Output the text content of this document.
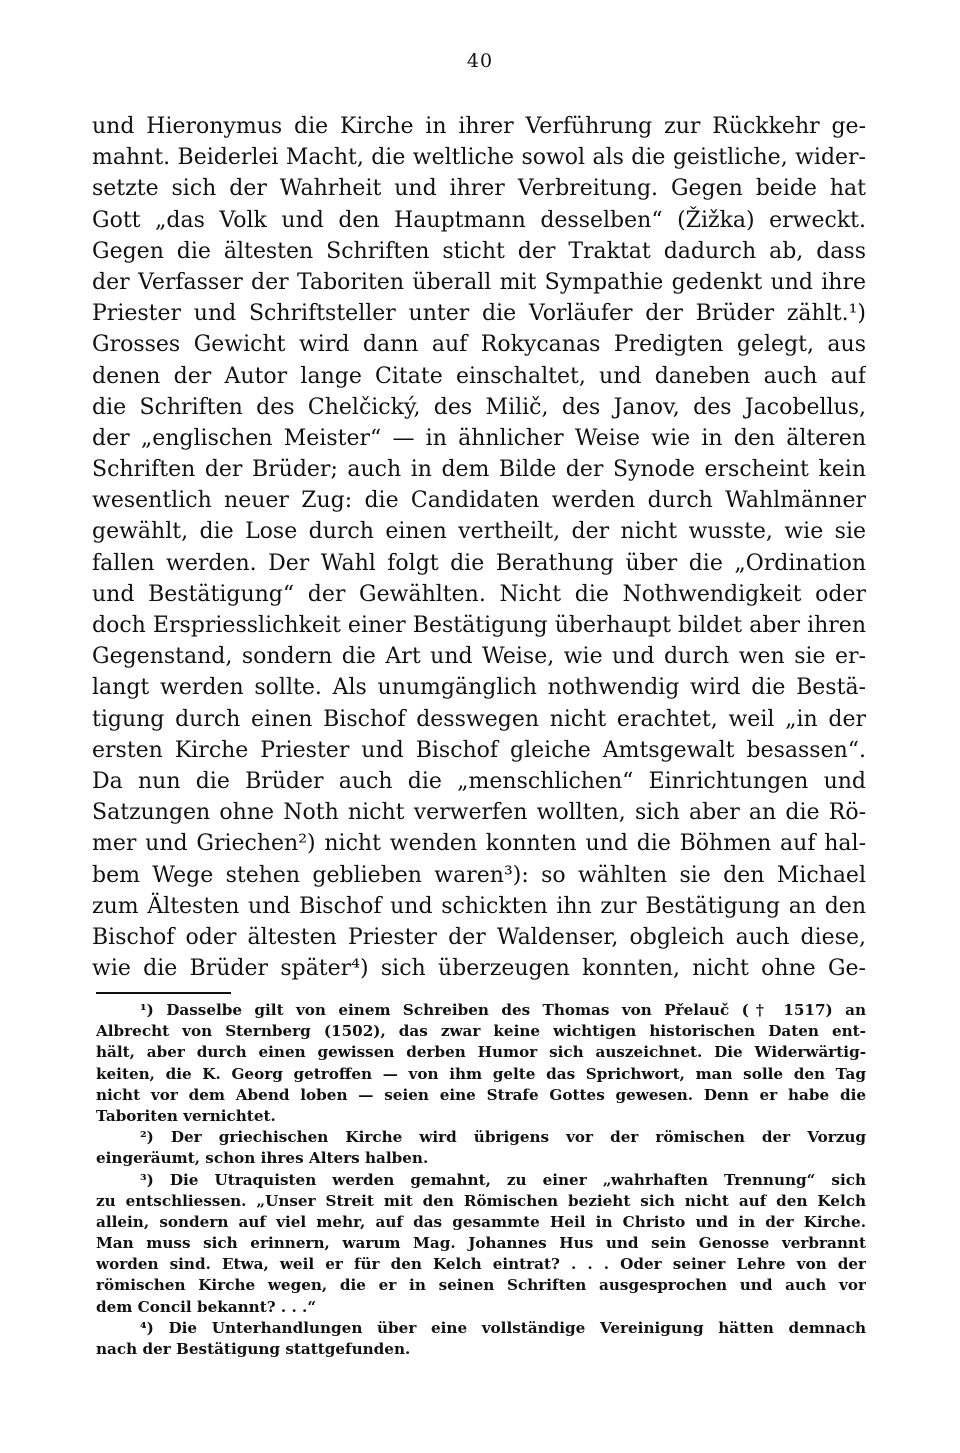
40
und Hieronymus die Kirche in ihrer Verführung zur Rückkehr ge-
mahnt. Beiderlei Macht, die weltliche sowol als die geistliche, wider-
setzte sich der Wahrheit und ihrer Verbreitung. Gegen beide hat
Gott „das Volk und den Hauptmann desselben“ (Žižka) erweckt.
Gegen die ältesten Schriften sticht der Traktat dadurch ab, dass
der Verfasser der Taboriten überall mit Sympathie gedenkt und ihre
Priester und Schriftsteller unter die Vorläufer der Brüder zählt.¹)
Grosses Gewicht wird dann auf Rokycanas Predigten gelegt, aus
denen der Autor lange Citate einschaltet, und daneben auch auf
die Schriften des Chelčický, des Milič, des Janov, des Jacobellus,
der „englischen Meister“ — in ähnlicher Weise wie in den älteren
Schriften der Brüder; auch in dem Bilde der Synode erscheint kein
wesentlich neuer Zug: die Candidaten werden durch Wahlmänner
gewählt, die Lose durch einen vertheilt, der nicht wusste, wie sie
fallen werden. Der Wahl folgt die Berathung über die „Ordination
und Bestätigung“ der Gewählten. Nicht die Nothwendigkeit oder
doch Erspriesslichkeit einer Bestätigung überhaupt bildet aber ihren
Gegenstand, sondern die Art und Weise, wie und durch wen sie er-
langt werden sollte. Als unumgänglich nothwendig wird die Bestä-
tigung durch einen Bischof desswegen nicht erachtet, weil „in der
ersten Kirche Priester und Bischof gleiche Amtsgewalt besassen“.
Da nun die Brüder auch die „menschlichen“ Einrichtungen und
Satzungen ohne Noth nicht verwerfen wollten, sich aber an die Rö-
mer und Griechen²) nicht wenden konnten und die Böhmen auf hal-
bem Wege stehen geblieben waren³): so wählten sie den Michael
zum Ältesten und Bischof und schickten ihn zur Bestätigung an den
Bischof oder ältesten Priester der Waldenser, obgleich auch diese,
wie die Brüder später⁴) sich überzeugen konnten, nicht ohne Ge-
¹) Dasselbe gilt von einem Schreiben des Thomas von Přelauč († 1517) an
Albrecht von Sternberg (1502), das zwar keine wichtigen historischen Daten ent-
hält, aber durch einen gewissen derben Humor sich auszeichnet. Die Widerwärtig-
keiten, die K. Georg getroffen — von ihm gelte das Sprichwort, man solle den Tag
nicht vor dem Abend loben — seien eine Strafe Gottes gewesen. Denn er habe die
Taboriten vernichtet.
²) Der griechischen Kirche wird übrigens vor der römischen der Vorzug
eingeräumt, schon ihres Alters halben.
³) Die Utraquisten werden gemahnt, zu einer „wahrhaften Trennung“ sich
zu entschliessen. „Unser Streit mit den Römischen bezieht sich nicht auf den Kelch
allein, sondern auf viel mehr, auf das gesammte Heil in Christo und in der Kirche.
Man muss sich erinnern, warum Mag. Johannes Hus und sein Genosse verbrannt
worden sind. Etwa, weil er für den Kelch eintrat? . . . Oder seiner Lehre von der
römischen Kirche wegen, die er in seinen Schriften ausgesprochen und auch vor
dem Concil bekannt? . . .“
⁴) Die Unterhandlungen über eine vollständige Vereinigung hätten demnach
nach der Bestätigung stattgefunden.
